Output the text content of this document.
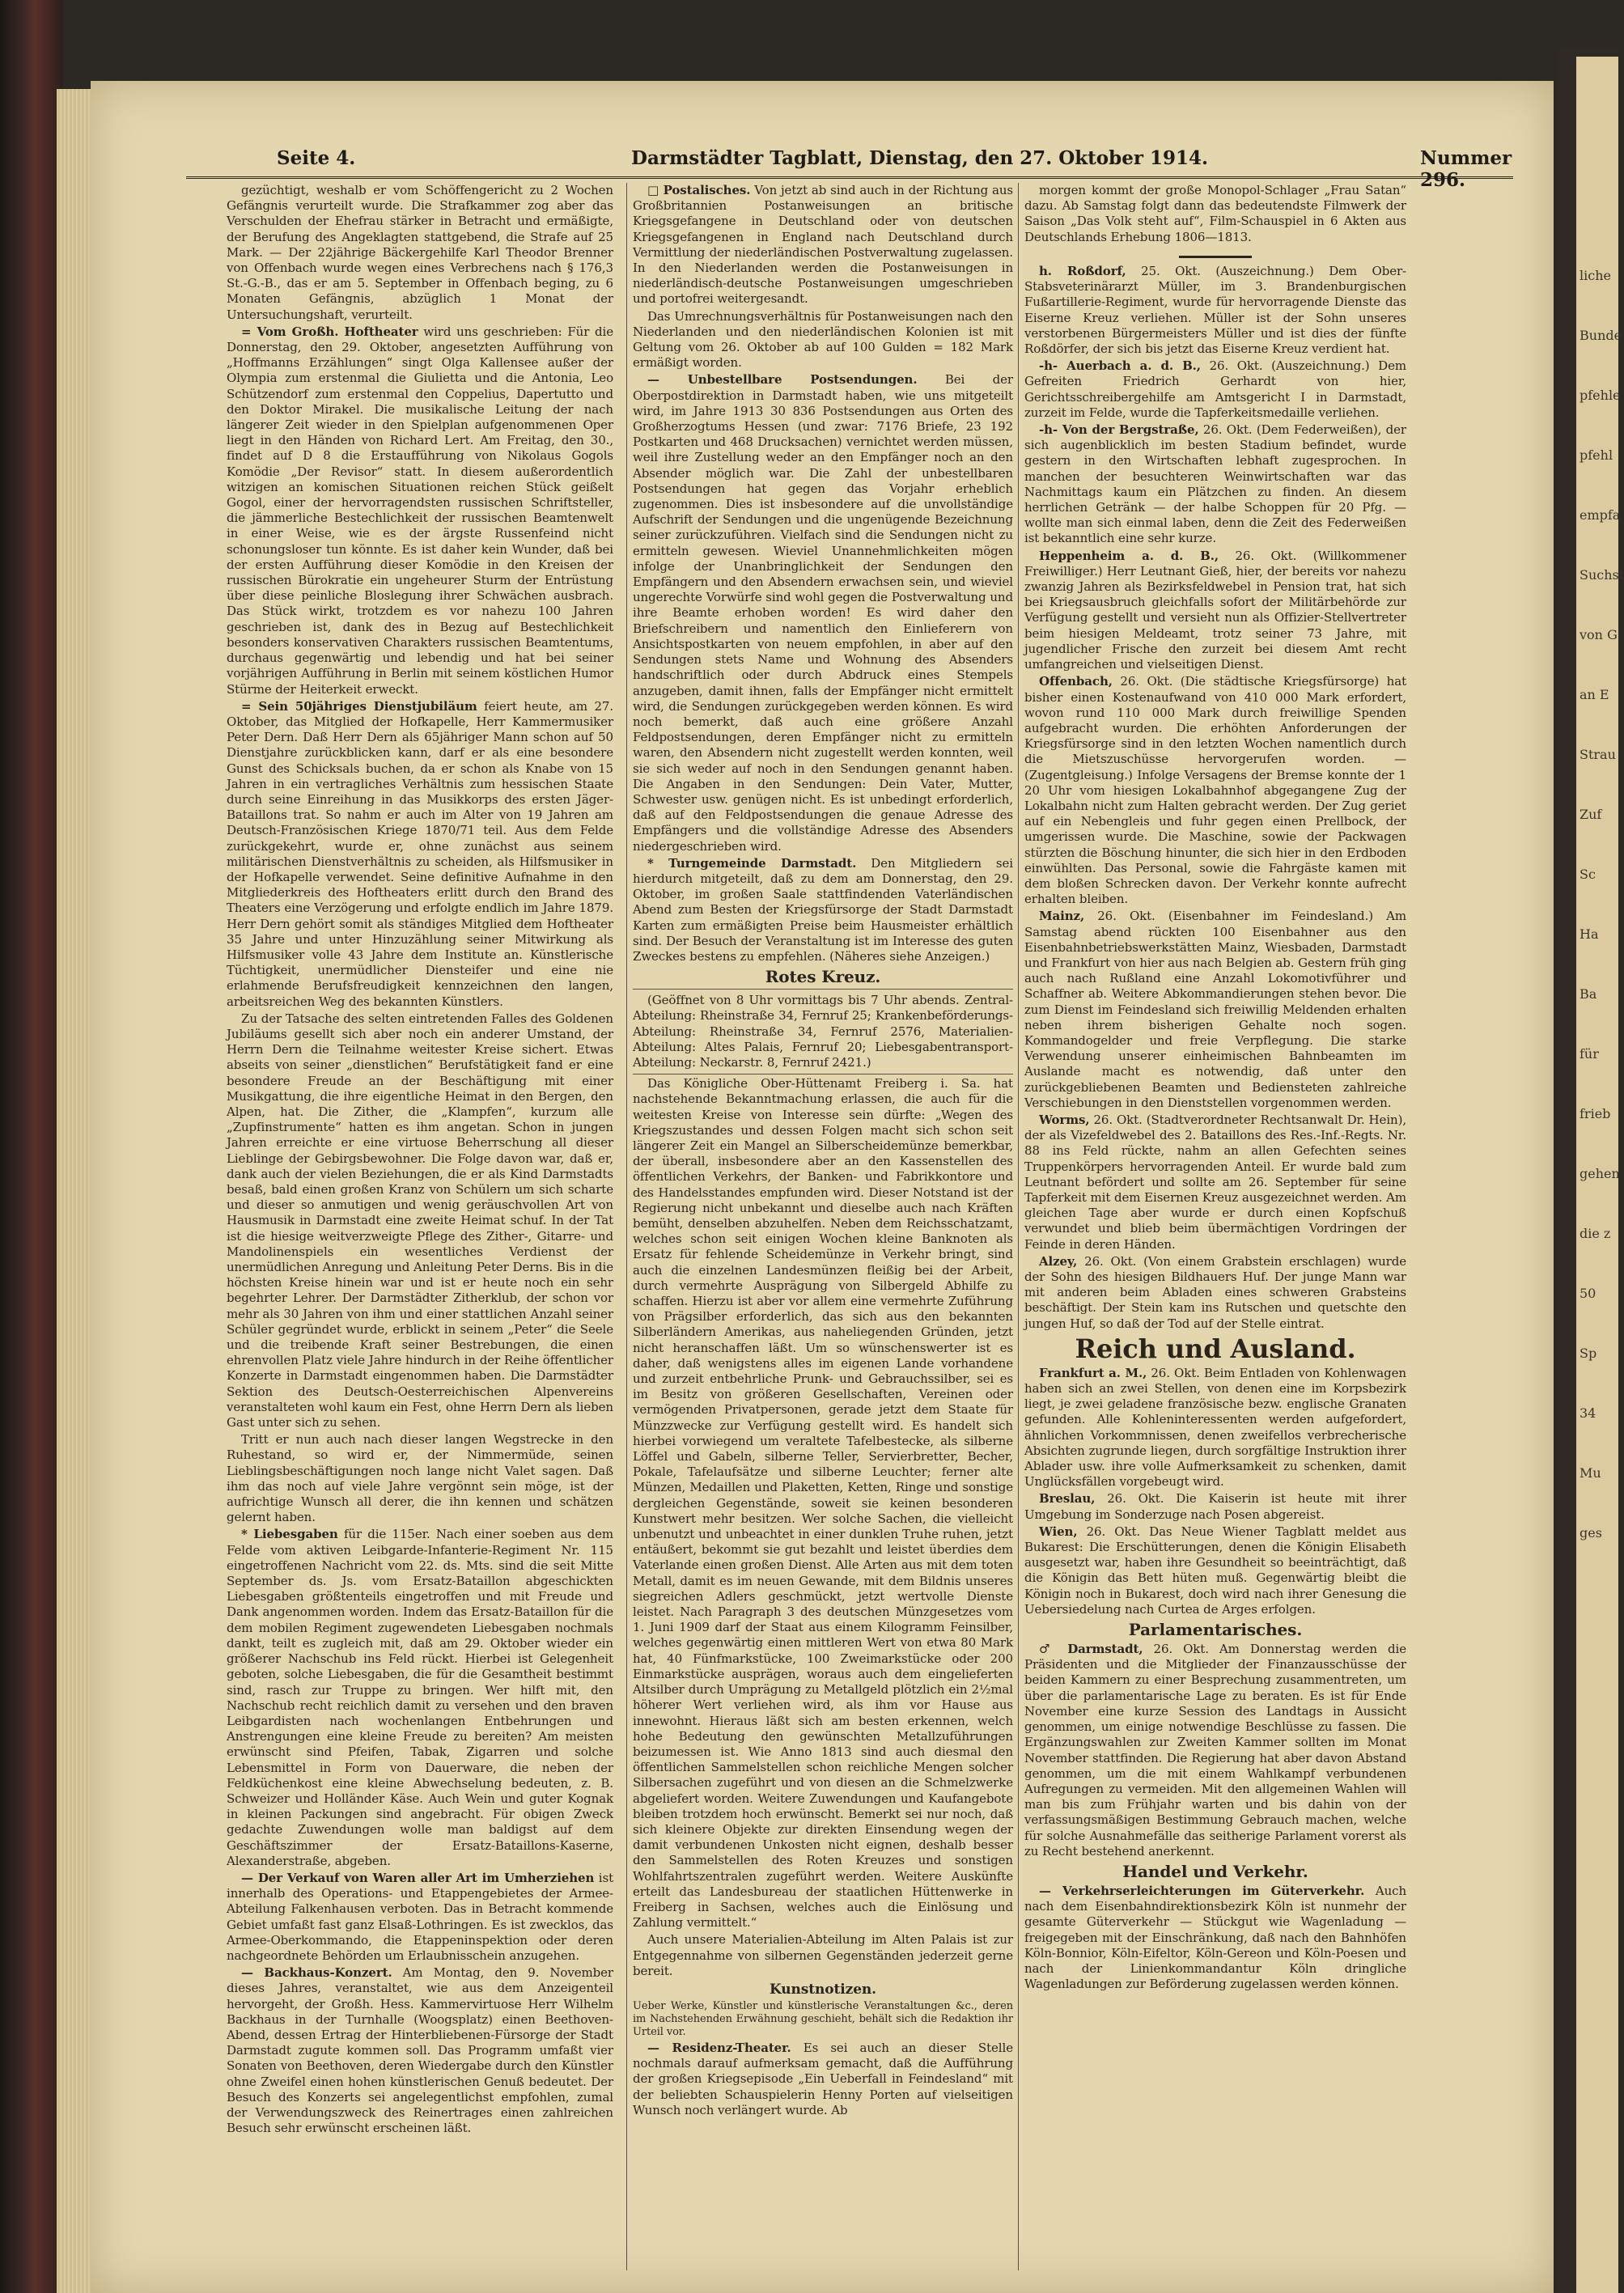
liche
Bunde
pfehle
pfehl
empfa
Suchst
von G
an E
Strau
Zuf
Sc
Ha
Ba
für
frieb
gehen
die z
50
Sp
34
Mu
ges
Seite 4.	Darmstädter Tagblatt, Dienstag, den 27. Oktober 1914.	Nummer 296.

gezüchtigt, weshalb er vom Schöffengericht zu 2 Wochen Gefängnis verurteilt wurde. Die Strafkammer zog aber das Verschulden der Ehefrau stärker in Betracht und ermäßigte, der Berufung des Angeklagten stattgebend, die Strafe auf 25 Mark. — Der 22jährige Bäckergehilfe Karl Theodor Brenner von Offenbach wurde wegen eines Verbrechens nach § 176,3 St.-G.-B., das er am 5. September in Offenbach beging, zu 6 Monaten Gefängnis, abzüglich 1 Monat der Untersuchungshaft, verurteilt.

= Vom Großh. Hoftheater wird uns geschrieben: Für die Donnerstag, den 29. Oktober, angesetzten Aufführung von „Hoffmanns Erzählungen“ singt Olga Kallensee außer der Olympia zum erstenmal die Giulietta und die Antonia, Leo Schützendorf zum erstenmal den Coppelius, Dapertutto und den Doktor Mirakel. Die musikalische Leitung der nach längerer Zeit wieder in den Spielplan aufgenommenen Oper liegt in den Händen von Richard Lert. Am Freitag, den 30., findet auf D 8 die Erstaufführung von Nikolaus Gogols Komödie „Der Revisor“ statt. In diesem außerordentlich witzigen an komischen Situationen reichen Stück geißelt Gogol, einer der hervorragendsten russischen Schriftsteller, die jämmerliche Bestechlichkeit der russischen Beamtenwelt in einer Weise, wie es der ärgste Russenfeind nicht schonungsloser tun könnte. Es ist daher kein Wunder, daß bei der ersten Aufführung dieser Komödie in den Kreisen der russischen Bürokratie ein ungeheurer Sturm der Entrüstung über diese peinliche Bloslegung ihrer Schwächen ausbrach. Das Stück wirkt, trotzdem es vor nahezu 100 Jahren geschrieben ist, dank des in Bezug auf Bestechlichkeit besonders konservativen Charakters russischen Beamtentums, durchaus gegenwärtig und lebendig und hat bei seiner vorjährigen Aufführung in Berlin mit seinem köstlichen Humor Stürme der Heiterkeit erweckt.

= Sein 50jähriges Dienstjubiläum feiert heute, am 27. Oktober, das Mitglied der Hofkapelle, Herr Kammermusiker Peter Dern. Daß Herr Dern als 65jähriger Mann schon auf 50 Dienstjahre zurückblicken kann, darf er als eine besondere Gunst des Schicksals buchen, da er schon als Knabe von 15 Jahren in ein vertragliches Verhältnis zum hessischen Staate durch seine Einreihung in das Musikkorps des ersten Jäger-Bataillons trat. So nahm er auch im Alter von 19 Jahren am Deutsch-Französischen Kriege 1870/71 teil. Aus dem Felde zurückgekehrt, wurde er, ohne zunächst aus seinem militärischen Dienstverhältnis zu scheiden, als Hilfsmusiker in der Hofkapelle verwendet. Seine definitive Aufnahme in den Mitgliederkreis des Hoftheaters erlitt durch den Brand des Theaters eine Verzögerung und erfolgte endlich im Jahre 1879. Herr Dern gehört somit als ständiges Mitglied dem Hoftheater 35 Jahre und unter Hinzuzählung seiner Mitwirkung als Hilfsmusiker volle 43 Jahre dem Institute an. Künstlerische Tüchtigkeit, unermüdlicher Diensteifer und eine nie erlahmende Berufsfreudigkeit kennzeichnen den langen, arbeitsreichen Weg des bekannten Künstlers.

Zu der Tatsache des selten eintretenden Falles des Goldenen Jubiläums gesellt sich aber noch ein anderer Umstand, der Herrn Dern die Teilnahme weitester Kreise sichert. Etwas abseits von seiner „dienstlichen“ Berufstätigkeit fand er eine besondere Freude an der Beschäftigung mit einer Musikgattung, die ihre eigentliche Heimat in den Bergen, den Alpen, hat. Die Zither, die „Klampfen“, kurzum alle „Zupfinstrumente“ hatten es ihm angetan. Schon in jungen Jahren erreichte er eine virtuose Beherrschung all dieser Lieblinge der Gebirgsbewohner. Die Folge davon war, daß er, dank auch der vielen Beziehungen, die er als Kind Darmstadts besaß, bald einen großen Kranz von Schülern um sich scharte und dieser so anmutigen und wenig geräuschvollen Art von Hausmusik in Darmstadt eine zweite Heimat schuf. In der Tat ist die hiesige weitverzweigte Pflege des Zither-, Gitarre- und Mandolinenspiels ein wesentliches Verdienst der unermüdlichen Anregung und Anleitung Peter Derns. Bis in die höchsten Kreise hinein war und ist er heute noch ein sehr begehrter Lehrer. Der Darmstädter Zitherklub, der schon vor mehr als 30 Jahren von ihm und einer stattlichen Anzahl seiner Schüler gegründet wurde, erblickt in seinem „Peter“ die Seele und die treibende Kraft seiner Bestrebungen, die einen ehrenvollen Platz viele Jahre hindurch in der Reihe öffentlicher Konzerte in Darmstadt eingenommen haben. Die Darmstädter Sektion des Deutsch-Oesterreichischen Alpenvereins veranstalteten wohl kaum ein Fest, ohne Herrn Dern als lieben Gast unter sich zu sehen.

Tritt er nun auch nach dieser langen Wegstrecke in den Ruhestand, so wird er, der Nimmermüde, seinen Lieblingsbeschäftigungen noch lange nicht Valet sagen. Daß ihm das noch auf viele Jahre vergönnt sein möge, ist der aufrichtige Wunsch all derer, die ihn kennen und schätzen gelernt haben.

* Liebesgaben für die 115er. Nach einer soeben aus dem Felde vom aktiven Leibgarde-Infanterie-Regiment Nr. 115 eingetroffenen Nachricht vom 22. ds. Mts. sind die seit Mitte September ds. Js. vom Ersatz-Bataillon abgeschickten Liebesgaben größtenteils eingetroffen und mit Freude und Dank angenommen worden. Indem das Ersatz-Bataillon für die dem mobilen Regiment zugewendeten Liebesgaben nochmals dankt, teilt es zugleich mit, daß am 29. Oktober wieder ein größerer Nachschub ins Feld rückt. Hierbei ist Gelegenheit geboten, solche Liebesgaben, die für die Gesamtheit bestimmt sind, rasch zur Truppe zu bringen. Wer hilft mit, den Nachschub recht reichlich damit zu versehen und den braven Leibgardisten nach wochenlangen Entbehrungen und Anstrengungen eine kleine Freude zu bereiten? Am meisten erwünscht sind Pfeifen, Tabak, Zigarren und solche Lebensmittel in Form von Dauerware, die neben der Feldküchenkost eine kleine Abwechselung bedeuten, z. B. Schweizer und Holländer Käse. Auch Wein und guter Kognak in kleinen Packungen sind angebracht. Für obigen Zweck gedachte Zuwendungen wolle man baldigst auf dem Geschäftszimmer der Ersatz-Bataillons-Kaserne, Alexanderstraße, abgeben.

— Der Verkauf von Waren aller Art im Umherziehen ist innerhalb des Operations- und Etappengebietes der Armee-Abteilung Falkenhausen verboten. Das in Betracht kommende Gebiet umfaßt fast ganz Elsaß-Lothringen. Es ist zwecklos, das Armee-Oberkommando, die Etappeninspektion oder deren nachgeordnete Behörden um Erlaubnisschein anzugehen.

— Backhaus-Konzert. Am Montag, den 9. November dieses Jahres, veranstaltet, wie aus dem Anzeigenteil hervorgeht, der Großh. Hess. Kammervirtuose Herr Wilhelm Backhaus in der Turnhalle (Woogsplatz) einen Beethoven-Abend, dessen Ertrag der Hinterbliebenen-Fürsorge der Stadt Darmstadt zugute kommen soll. Das Programm umfaßt vier Sonaten von Beethoven, deren Wiedergabe durch den Künstler ohne Zweifel einen hohen künstlerischen Genuß bedeutet. Der Besuch des Konzerts sei angelegentlichst empfohlen, zumal der Verwendungszweck des Reinertrages einen zahlreichen Besuch sehr erwünscht erscheinen läßt.

□ Postalisches. Von jetzt ab sind auch in der Richtung aus Großbritannien Postanweisungen an britische Kriegsgefangene in Deutschland oder von deutschen Kriegsgefangenen in England nach Deutschland durch Vermittlung der niederländischen Postverwaltung zugelassen. In den Niederlanden werden die Postanweisungen in niederländisch-deutsche Postanweisungen umgeschrieben und portofrei weitergesandt.

Das Umrechnungsverhältnis für Postanweisungen nach den Niederlanden und den niederländischen Kolonien ist mit Geltung vom 26. Oktober ab auf 100 Gulden = 182 Mark ermäßigt worden.

— Unbestellbare Postsendungen. Bei der Oberpostdirektion in Darmstadt haben, wie uns mitgeteilt wird, im Jahre 1913 30 836 Postsendungen aus Orten des Großherzogtums Hessen (und zwar: 7176 Briefe, 23 192 Postkarten und 468 Drucksachen) vernichtet werden müssen, weil ihre Zustellung weder an den Empfänger noch an den Absender möglich war. Die Zahl der unbestellbaren Postsendungen hat gegen das Vorjahr erheblich zugenommen. Dies ist insbesondere auf die unvollständige Aufschrift der Sendungen und die ungenügende Bezeichnung seiner zurückzuführen. Vielfach sind die Sendungen nicht zu ermitteln gewesen. Wieviel Unannehmlichkeiten mögen infolge der Unanbringlichkeit der Sendungen den Empfängern und den Absendern erwachsen sein, und wieviel ungerechte Vorwürfe sind wohl gegen die Postverwaltung und ihre Beamte erhoben worden! Es wird daher den Briefschreibern und namentlich den Einlieferern von Ansichtspostkarten von neuem empfohlen, in aber auf den Sendungen stets Name und Wohnung des Absenders handschriftlich oder durch Abdruck eines Stempels anzugeben, damit ihnen, falls der Empfänger nicht ermittelt wird, die Sendungen zurückgegeben werden können. Es wird noch bemerkt, daß auch eine größere Anzahl Feldpostsendungen, deren Empfänger nicht zu ermitteln waren, den Absendern nicht zugestellt werden konnten, weil sie sich weder auf noch in den Sendungen genannt haben. Die Angaben in den Sendungen: Dein Vater, Mutter, Schwester usw. genügen nicht. Es ist unbedingt erforderlich, daß auf den Feldpostsendungen die genaue Adresse des Empfängers und die vollständige Adresse des Absenders niedergeschrieben wird.

* Turngemeinde Darmstadt. Den Mitgliedern sei hierdurch mitgeteilt, daß zu dem am Donnerstag, den 29. Oktober, im großen Saale stattfindenden Vaterländischen Abend zum Besten der Kriegsfürsorge der Stadt Darmstadt Karten zum ermäßigten Preise beim Hausmeister erhältlich sind. Der Besuch der Veranstaltung ist im Interesse des guten Zweckes bestens zu empfehlen. (Näheres siehe Anzeigen.)

Rotes Kreuz.

(Geöffnet von 8 Uhr vormittags bis 7 Uhr abends. Zentral-Abteilung: Rheinstraße 34, Fernruf 25; Krankenbeförderungs-Abteilung: Rheinstraße 34, Fernruf 2576, Materialien-Abteilung: Altes Palais, Fernruf 20; Liebesgabentransport-Abteilung: Neckarstr. 8, Fernruf 2421.)

Das Königliche Ober-Hüttenamt Freiberg i. Sa. hat nachstehende Bekanntmachung erlassen, die auch für die weitesten Kreise von Interesse sein dürfte: „Wegen des Kriegszustandes und dessen Folgen macht sich schon seit längerer Zeit ein Mangel an Silberscheidemünze bemerkbar, der überall, insbesondere aber an den Kassenstellen des öffentlichen Verkehrs, der Banken- und Fabrikkontore und des Handelsstandes empfunden wird. Dieser Notstand ist der Regierung nicht unbekannt und dieselbe auch nach Kräften bemüht, denselben abzuhelfen. Neben dem Reichsschatzamt, welches schon seit einigen Wochen kleine Banknoten als Ersatz für fehlende Scheidemünze in Verkehr bringt, sind auch die einzelnen Landesmünzen fleißig bei der Arbeit, durch vermehrte Ausprägung von Silbergeld Abhilfe zu schaffen. Hierzu ist aber vor allem eine vermehrte Zuführung von Prägsilber erforderlich, das sich aus den bekannten Silberländern Amerikas, aus naheliegenden Gründen, jetzt nicht heranschaffen läßt. Um so wünschenswerter ist es daher, daß wenigstens alles im eigenen Lande vorhandene und zurzeit entbehrliche Prunk- und Gebrauchssilber, sei es im Besitz von größeren Gesellschaften, Vereinen oder vermögenden Privatpersonen, gerade jetzt dem Staate für Münzzwecke zur Verfügung gestellt wird. Es handelt sich hierbei vorwiegend um veraltete Tafelbestecke, als silberne Löffel und Gabeln, silberne Teller, Servierbretter, Becher, Pokale, Tafelaufsätze und silberne Leuchter; ferner alte Münzen, Medaillen und Plaketten, Ketten, Ringe und sonstige dergleichen Gegenstände, soweit sie keinen besonderen Kunstwert mehr besitzen. Wer solche Sachen, die vielleicht unbenutzt und unbeachtet in einer dunklen Truhe ruhen, jetzt entäußert, bekommt sie gut bezahlt und leistet überdies dem Vaterlande einen großen Dienst. Alle Arten aus mit dem toten Metall, damit es im neuen Gewande, mit dem Bildnis unseres siegreichen Adlers geschmückt, jetzt wertvolle Dienste leistet. Nach Paragraph 3 des deutschen Münzgesetzes vom 1. Juni 1909 darf der Staat aus einem Kilogramm Feinsilber, welches gegenwärtig einen mittleren Wert von etwa 80 Mark hat, 40 Fünfmarkstücke, 100 Zweimarkstücke oder 200 Einmarkstücke ausprägen, woraus auch dem eingelieferten Altsilber durch Umprägung zu Metallgeld plötzlich ein 2½mal höherer Wert verliehen wird, als ihm vor Hause aus innewohnt. Hieraus läßt sich am besten erkennen, welch hohe Bedeutung den gewünschten Metallzuführungen beizumessen ist. Wie Anno 1813 sind auch diesmal den öffentlichen Sammelstellen schon reichliche Mengen solcher Silbersachen zugeführt und von diesen an die Schmelzwerke abgeliefert worden. Weitere Zuwendungen und Kaufangebote bleiben trotzdem hoch erwünscht. Bemerkt sei nur noch, daß sich kleinere Objekte zur direkten Einsendung wegen der damit verbundenen Unkosten nicht eignen, deshalb besser den Sammelstellen des Roten Kreuzes und sonstigen Wohlfahrtszentralen zugeführt werden. Weitere Auskünfte erteilt das Landesbureau der staatlichen Hüttenwerke in Freiberg in Sachsen, welches auch die Einlösung und Zahlung vermittelt.“

Auch unsere Materialien-Abteilung im Alten Palais ist zur Entgegennahme von silbernen Gegenständen jederzeit gerne bereit.

Kunstnotizen.

Ueber Werke, Künstler und künstlerische Veranstaltungen &c., deren im Nachstehenden Erwähnung geschieht, behält sich die Redaktion ihr Urteil vor.

— Residenz-Theater. Es sei auch an dieser Stelle nochmals darauf aufmerksam gemacht, daß die Aufführung der großen Kriegsepisode „Ein Ueberfall in Feindesland“ mit der beliebten Schauspielerin Henny Porten auf vielseitigen Wunsch noch verlängert wurde. Ab

morgen kommt der große Monopol-Schlager „Frau Satan“ dazu. Ab Samstag folgt dann das bedeutendste Filmwerk der Saison „Das Volk steht auf“, Film-Schauspiel in 6 Akten aus Deutschlands Erhebung 1806—1813.

h. Roßdorf, 25. Okt. (Auszeichnung.) Dem Ober-Stabsveterinärarzt Müller, im 3. Brandenburgischen Fußartillerie-Regiment, wurde für hervorragende Dienste das Eiserne Kreuz verliehen. Müller ist der Sohn unseres verstorbenen Bürgermeisters Müller und ist dies der fünfte Roßdörfer, der sich bis jetzt das Eiserne Kreuz verdient hat.

-h- Auerbach a. d. B., 26. Okt. (Auszeichnung.) Dem Gefreiten Friedrich Gerhardt von hier, Gerichtsschreibergehilfe am Amtsgericht I in Darmstadt, zurzeit im Felde, wurde die Tapferkeitsmedaille verliehen.

-h- Von der Bergstraße, 26. Okt. (Dem Federweißen), der sich augenblicklich im besten Stadium befindet, wurde gestern in den Wirtschaften lebhaft zugesprochen. In manchen der besuchteren Weinwirtschaften war das Nachmittags kaum ein Plätzchen zu finden. An diesem herrlichen Getränk — der halbe Schoppen für 20 Pfg. — wollte man sich einmal laben, denn die Zeit des Federweißen ist bekanntlich eine sehr kurze.

Heppenheim a. d. B., 26. Okt. (Willkommener Freiwilliger.) Herr Leutnant Gieß, hier, der bereits vor nahezu zwanzig Jahren als Bezirksfeldwebel in Pension trat, hat sich bei Kriegsausbruch gleichfalls sofort der Militärbehörde zur Verfügung gestellt und versieht nun als Offizier-Stellvertreter beim hiesigen Meldeamt, trotz seiner 73 Jahre, mit jugendlicher Frische den zurzeit bei diesem Amt recht umfangreichen und vielseitigen Dienst.

Offenbach, 26. Okt. (Die städtische Kriegsfürsorge) hat bisher einen Kostenaufwand von 410 000 Mark erfordert, wovon rund 110 000 Mark durch freiwillige Spenden aufgebracht wurden. Die erhöhten Anforderungen der Kriegsfürsorge sind in den letzten Wochen namentlich durch die Mietszuschüsse hervorgerufen worden. — (Zugentgleisung.) Infolge Versagens der Bremse konnte der 1 20 Uhr vom hiesigen Lokalbahnhof abgegangene Zug der Lokalbahn nicht zum Halten gebracht werden. Der Zug geriet auf ein Nebengleis und fuhr gegen einen Prellbock, der umgerissen wurde. Die Maschine, sowie der Packwagen stürzten die Böschung hinunter, die sich hier in den Erdboden einwühlten. Das Personal, sowie die Fahrgäste kamen mit dem bloßen Schrecken davon. Der Verkehr konnte aufrecht erhalten bleiben.

Mainz, 26. Okt. (Eisenbahner im Feindesland.) Am Samstag abend rückten 100 Eisenbahner aus den Eisenbahnbetriebswerkstätten Mainz, Wiesbaden, Darmstadt und Frankfurt von hier aus nach Belgien ab. Gestern früh ging auch nach Rußland eine Anzahl Lokomotivführer und Schaffner ab. Weitere Abkommandierungen stehen bevor. Die zum Dienst im Feindesland sich freiwillig Meldenden erhalten neben ihrem bisherigen Gehalte noch sogen. Kommandogelder und freie Verpflegung. Die starke Verwendung unserer einheimischen Bahnbeamten im Auslande macht es notwendig, daß unter den zurückgebliebenen Beamten und Bediensteten zahlreiche Verschiebungen in den Dienststellen vorgenommen werden.

Worms, 26. Okt. (Stadtverordneter Rechtsanwalt Dr. Hein), der als Vizefeldwebel des 2. Bataillons des Res.-Inf.-Regts. Nr. 88 ins Feld rückte, nahm an allen Gefechten seines Truppenkörpers hervorragenden Anteil. Er wurde bald zum Leutnant befördert und sollte am 26. September für seine Tapferkeit mit dem Eisernen Kreuz ausgezeichnet werden. Am gleichen Tage aber wurde er durch einen Kopfschuß verwundet und blieb beim übermächtigen Vordringen der Feinde in deren Händen.

Alzey, 26. Okt. (Von einem Grabstein erschlagen) wurde der Sohn des hiesigen Bildhauers Huf. Der junge Mann war mit anderen beim Abladen eines schweren Grabsteins beschäftigt. Der Stein kam ins Rutschen und quetschte den jungen Huf, so daß der Tod auf der Stelle eintrat.

Reich und Ausland.

Frankfurt a. M., 26. Okt. Beim Entladen von Kohlenwagen haben sich an zwei Stellen, von denen eine im Korpsbezirk liegt, je zwei geladene französische bezw. englische Granaten gefunden. Alle Kohleninteressenten werden aufgefordert, ähnlichen Vorkommnissen, denen zweifellos verbrecherische Absichten zugrunde liegen, durch sorgfältige Instruktion ihrer Ablader usw. ihre volle Aufmerksamkeit zu schenken, damit Unglücksfällen vorgebeugt wird.

Breslau, 26. Okt. Die Kaiserin ist heute mit ihrer Umgebung im Sonderzuge nach Posen abgereist.

Wien, 26. Okt. Das Neue Wiener Tagblatt meldet aus Bukarest: Die Erschütterungen, denen die Königin Elisabeth ausgesetzt war, haben ihre Gesundheit so beeinträchtigt, daß die Königin das Bett hüten muß. Gegenwärtig bleibt die Königin noch in Bukarest, doch wird nach ihrer Genesung die Uebersiedelung nach Curtea de Arges erfolgen.

Parlamentarisches.

♂ Darmstadt, 26. Okt. Am Donnerstag werden die Präsidenten und die Mitglieder der Finanzausschüsse der beiden Kammern zu einer Besprechung zusammentreten, um über die parlamentarische Lage zu beraten. Es ist für Ende November eine kurze Session des Landtags in Aussicht genommen, um einige notwendige Beschlüsse zu fassen. Die Ergänzungswahlen zur Zweiten Kammer sollten im Monat November stattfinden. Die Regierung hat aber davon Abstand genommen, um die mit einem Wahlkampf verbundenen Aufregungen zu vermeiden. Mit den allgemeinen Wahlen will man bis zum Frühjahr warten und bis dahin von der verfassungsmäßigen Bestimmung Gebrauch machen, welche für solche Ausnahmefälle das seitherige Parlament vorerst als zu Recht bestehend anerkennt.

Handel und Verkehr.

— Verkehrserleichterungen im Güterverkehr. Auch nach dem Eisenbahndirektionsbezirk Köln ist nunmehr der gesamte Güterverkehr — Stückgut wie Wagenladung — freigegeben mit der Einschränkung, daß nach den Bahnhöfen Köln-Bonnior, Köln-Eifeltor, Köln-Gereon und Köln-Poesen und nach der Linienkommandantur Köln dringliche Wagenladungen zur Beförderung zugelassen werden können.
